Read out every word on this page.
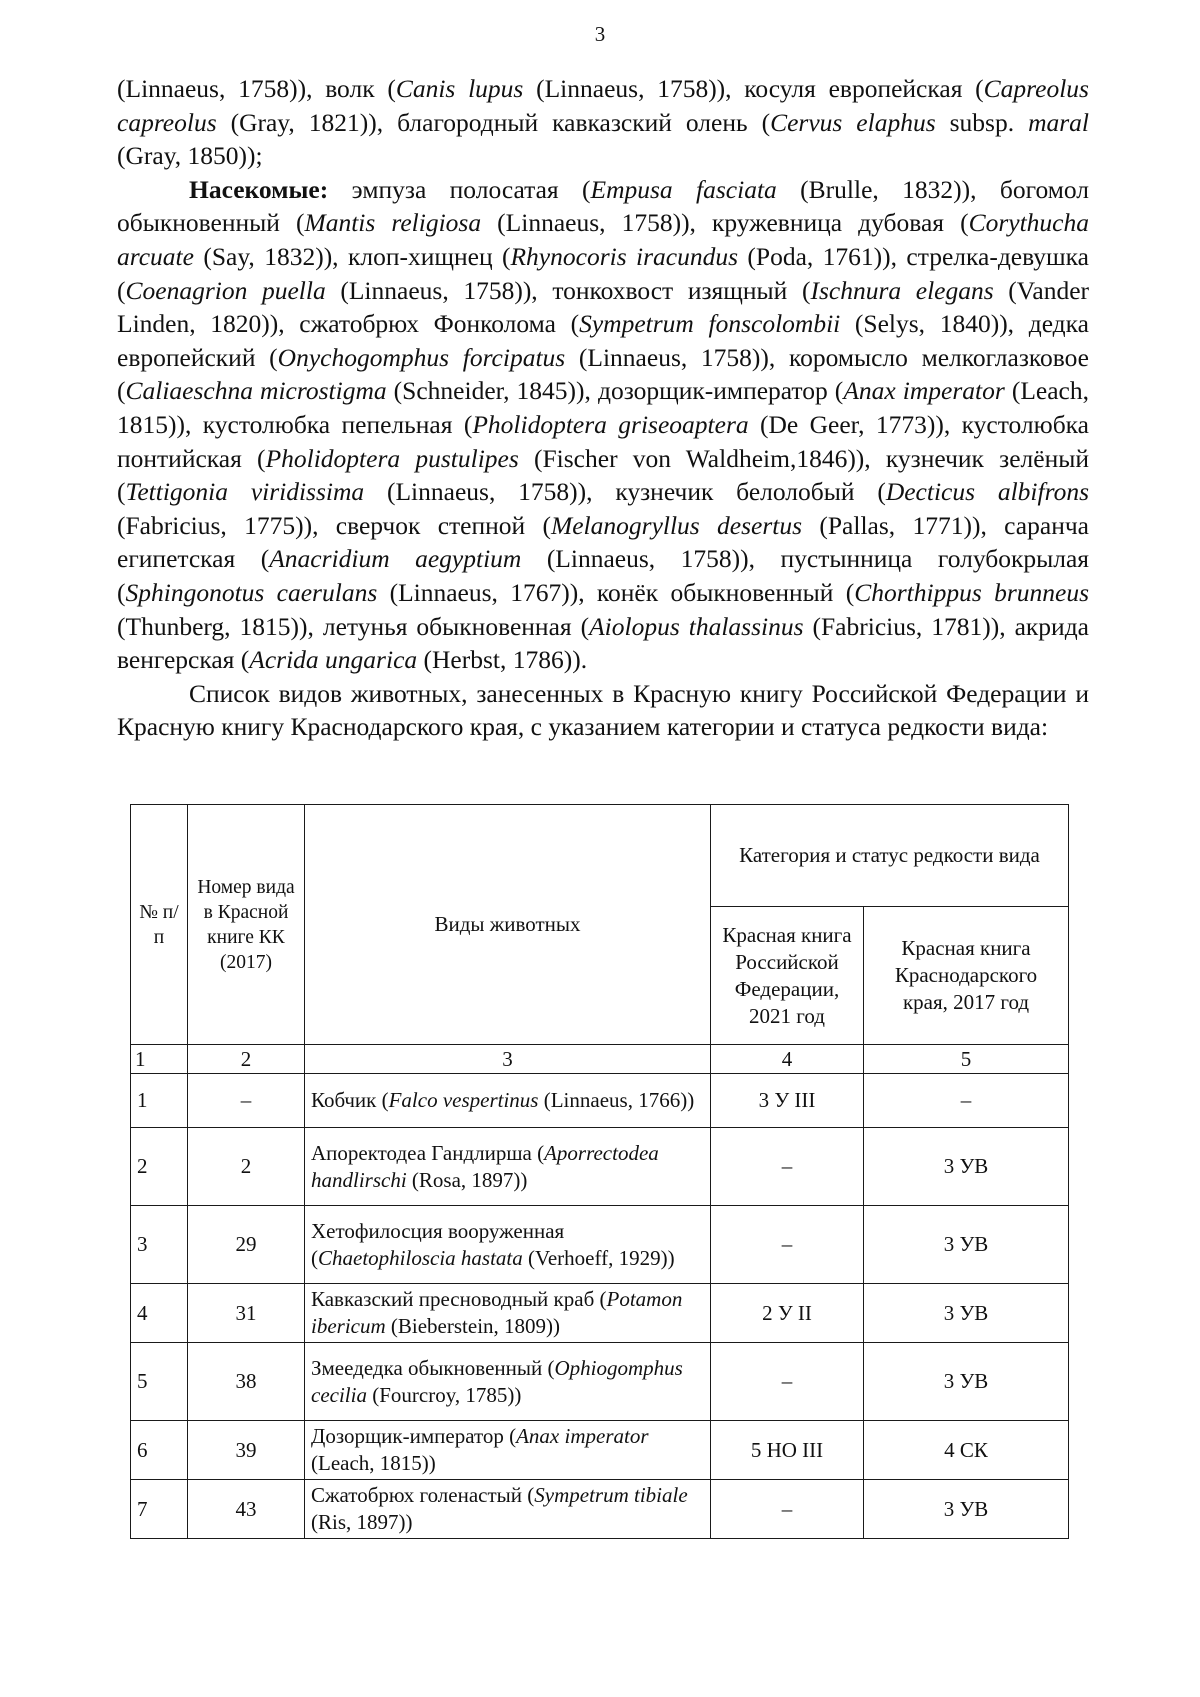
3

(Linnaeus, 1758)), волк (Canis lupus (Linnaeus, 1758)), косуля европейская (Capreolus capreolus (Gray, 1821)), благородный кавказский олень (Cervus elaphus subsp. maral (Gray, 1850));

Насекомые: эмпуза полосатая (Empusa fasciata (Brulle, 1832)), богомол обыкновенный (Mantis religiosa (Linnaeus, 1758)), кружевница дубовая (Corythucha arcuate (Say, 1832)), клоп-хищнец (Rhynocoris iracundus (Poda, 1761)), стрелка-девушка (Coenagrion puella (Linnaeus, 1758)), тонкохвост изящный (Ischnura elegans (Vander Linden, 1820)), сжатобрюх Фонколома (Sympetrum fonscolombii (Selys, 1840)), дедка европейский (Onychogomphus forcipatus (Linnaeus, 1758)), коромысло мелкоглазковое (Caliaeschna microstigma (Schneider, 1845)), дозорщик-император (Anax imperator (Leach, 1815)), кустолюбка пепельная (Pholidoptera griseoaptera (De Geer, 1773)), кустолюбка понтийская (Pholidoptera pustulipes (Fischer von Waldheim,1846)), кузнечик зелёный (Tettigonia viridissima (Linnaeus, 1758)), кузнечик белолобый (Decticus albifrons (Fabricius, 1775)), сверчок степной (Melanogryllus desertus (Pallas, 1771)), саранча египетская (Anacridium aegyptium (Linnaeus, 1758)), пустынница голубокрылая (Sphingonotus caerulans (Linnaeus, 1767)), конёк обыкновенный (Chorthippus brunneus (Thunberg, 1815)), летунья обыкновенная (Aiolopus thalassinus (Fabricius, 1781)), акрида венгерская (Acrida ungarica (Herbst, 1786)).

Список видов животных, занесенных в Красную книгу Российской Федерации и Красную книгу Краснодарского края, с указанием категории и статуса редкости вида:

№ п/п	Номер вида в Красной книге КК (2017)	Виды животных	Категория и статус редкости вида	
			Красная книга Российской Федерации, 2021 год	Красная книга Краснодарского края, 2017 год
1	2	3	4	5
1	–	Кобчик (Falco vespertinus (Linnaeus, 1766))	3 У III	–
2	2	Апоректодеа Гандлирша (Aporrectodea handlirschi (Rosa, 1897))	–	3 УВ
3	29	Хетофилосция вооруженная (Chaetophiloscia hastata (Verhoeff, 1929))	–	3 УВ
4	31	Кавказский пресноводный краб (Potamon ibericum (Bieberstein, 1809))	2 У II	3 УВ
5	38	Змеедедка обыкновенный (Ophiogomphus cecilia (Fourcroy, 1785))	–	3 УВ
6	39	Дозорщик-император (Anax imperator (Leach, 1815))	5 НО III	4 СК
7	43	Сжатобрюх голенастый (Sympetrum tibiale (Ris, 1897))	–	3 УВ
